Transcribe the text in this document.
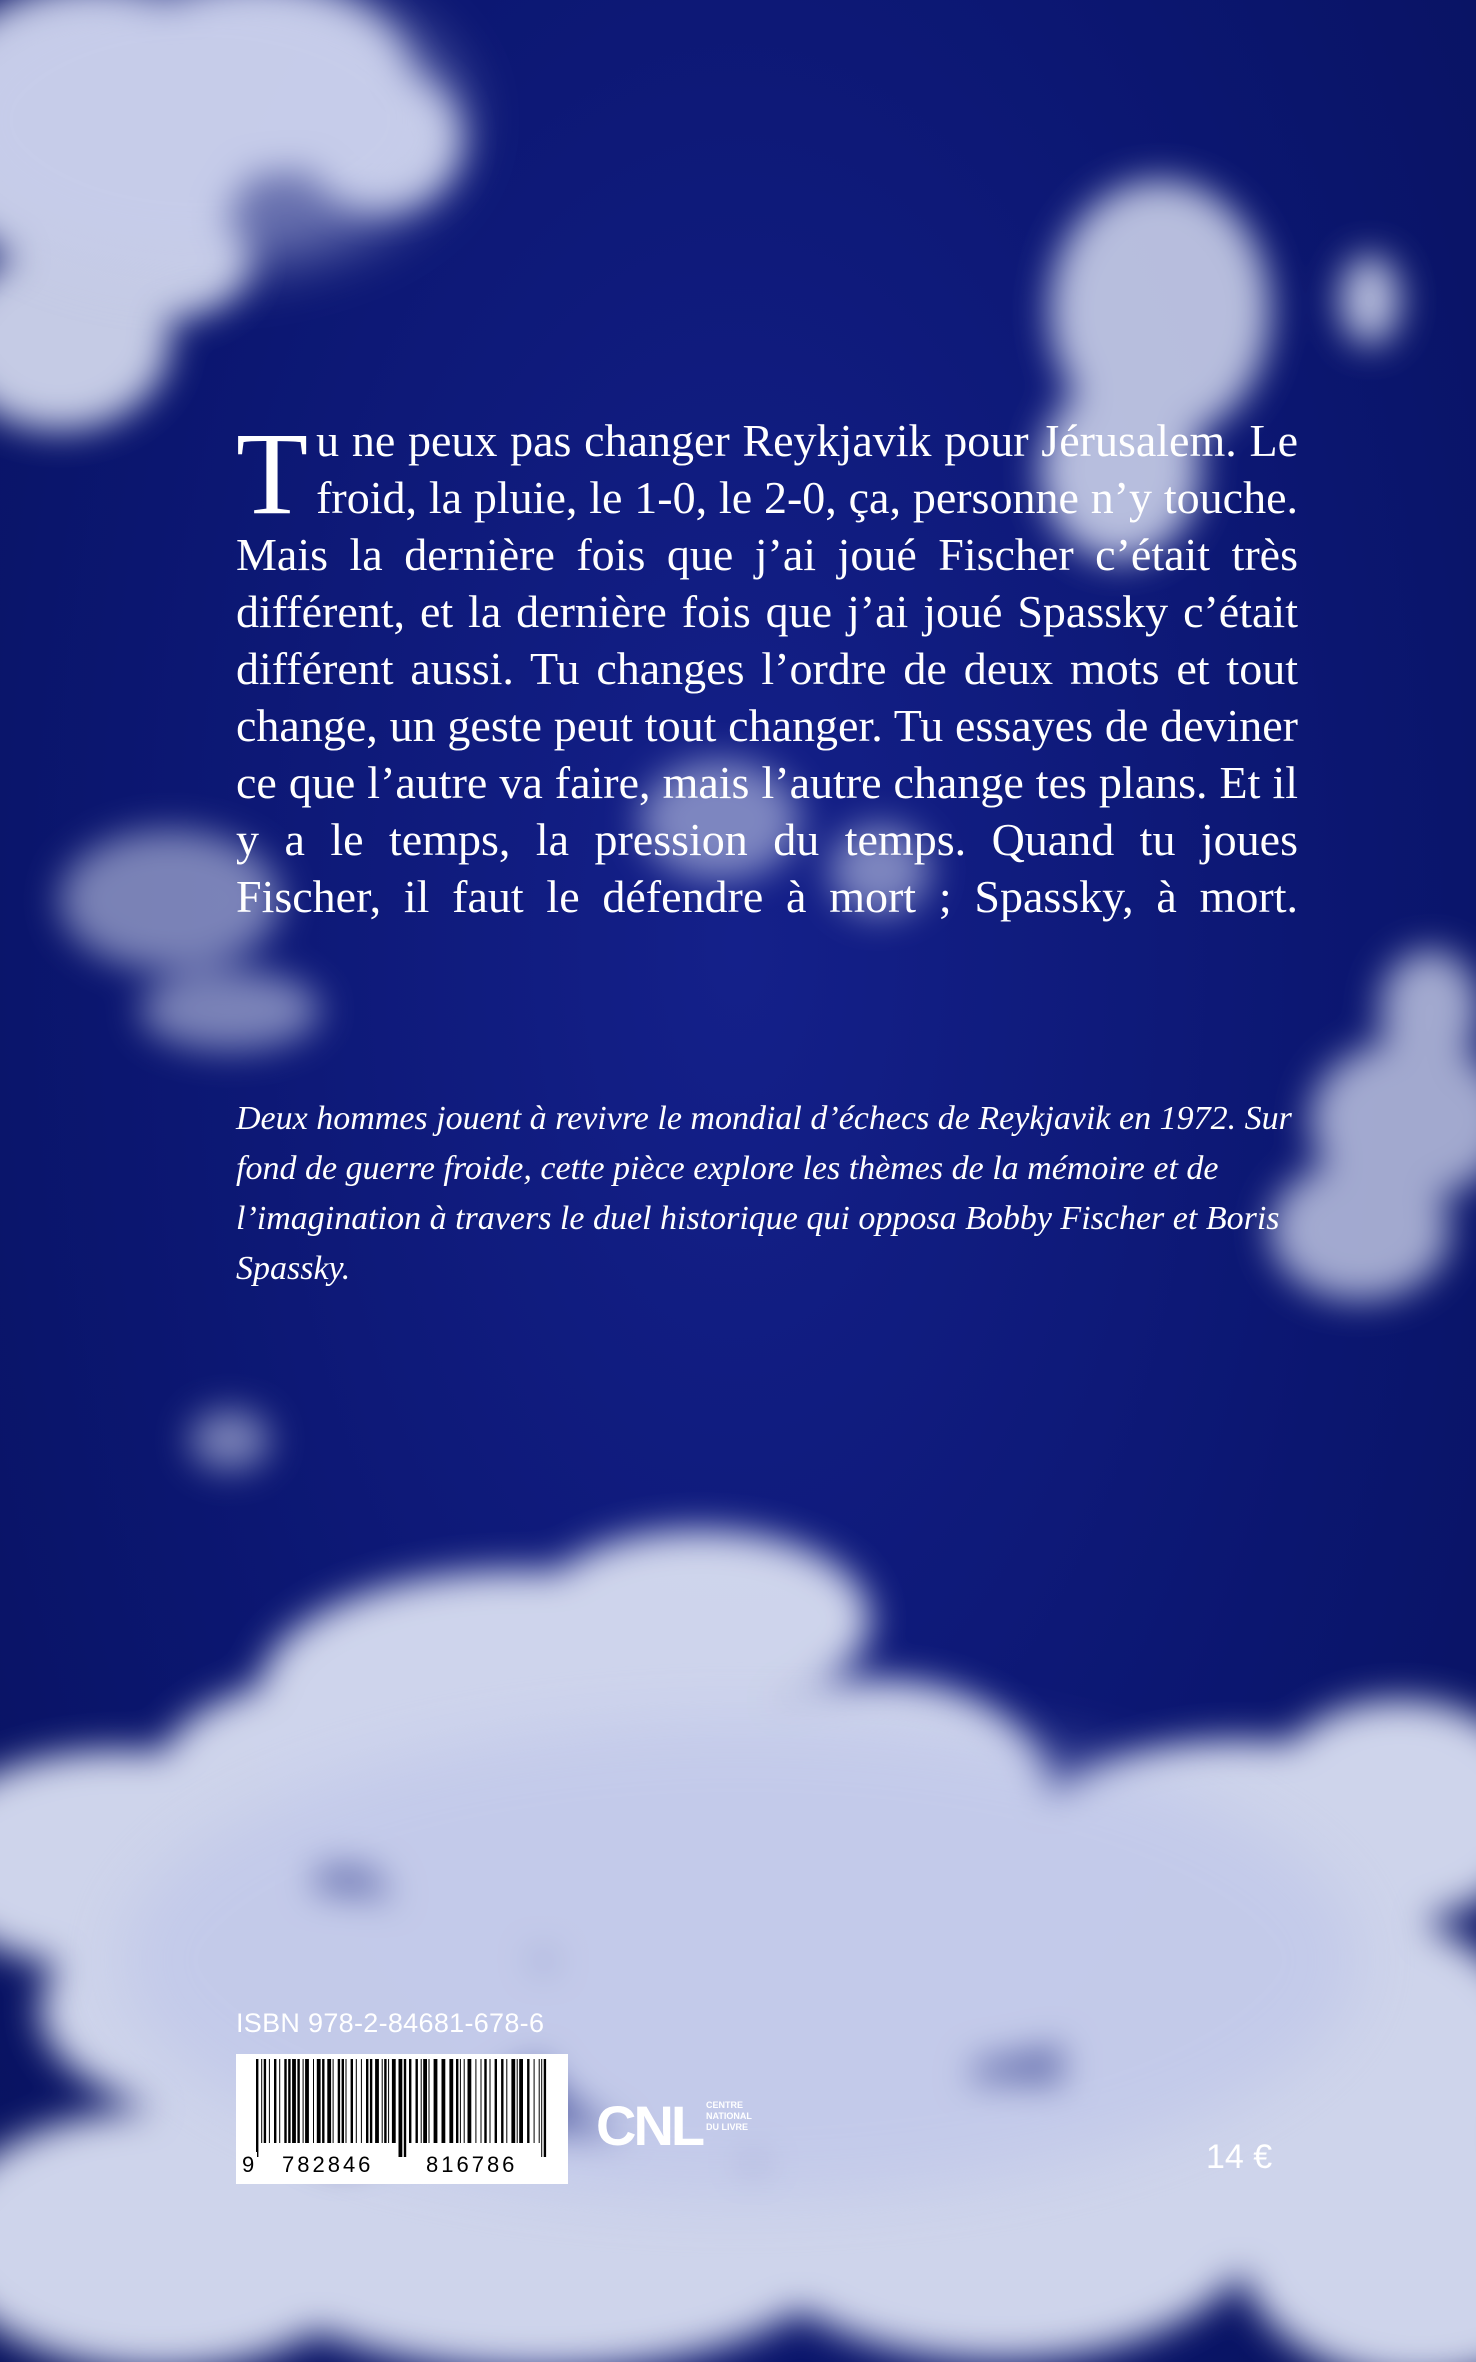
Tu ne peux pas changer Reykjavik pour Jérusalem. Le froid, la pluie, le 1-0, le 2-0, ça, personne n’y touche. Mais la dernière fois que j’ai joué Fischer c’était très différent, et la dernière fois que j’ai joué Spassky c’était différent aussi. Tu changes l’ordre de deux mots et tout change, un geste peut tout changer. Tu essayes de deviner ce que l’autre va faire, mais l’autre change tes plans. Et il y a le temps, la pression du temps. Quand tu joues Fischer, il faut le défendre à mort ; Spassky, à mort.

Deux hommes jouent à revivre le mondial d’échecs de Reykjavik en 1972. Sur fond de guerre froide, cette pièce explore les thèmes de la mémoire et de l’imagination à travers le duel historique qui opposa Bobby Fischer et Boris Spassky.

ISBN 978-2-84681-678-6
9 782846 816786
CNL CENTRE
NATIONAL
DU LIVRE
14 €
